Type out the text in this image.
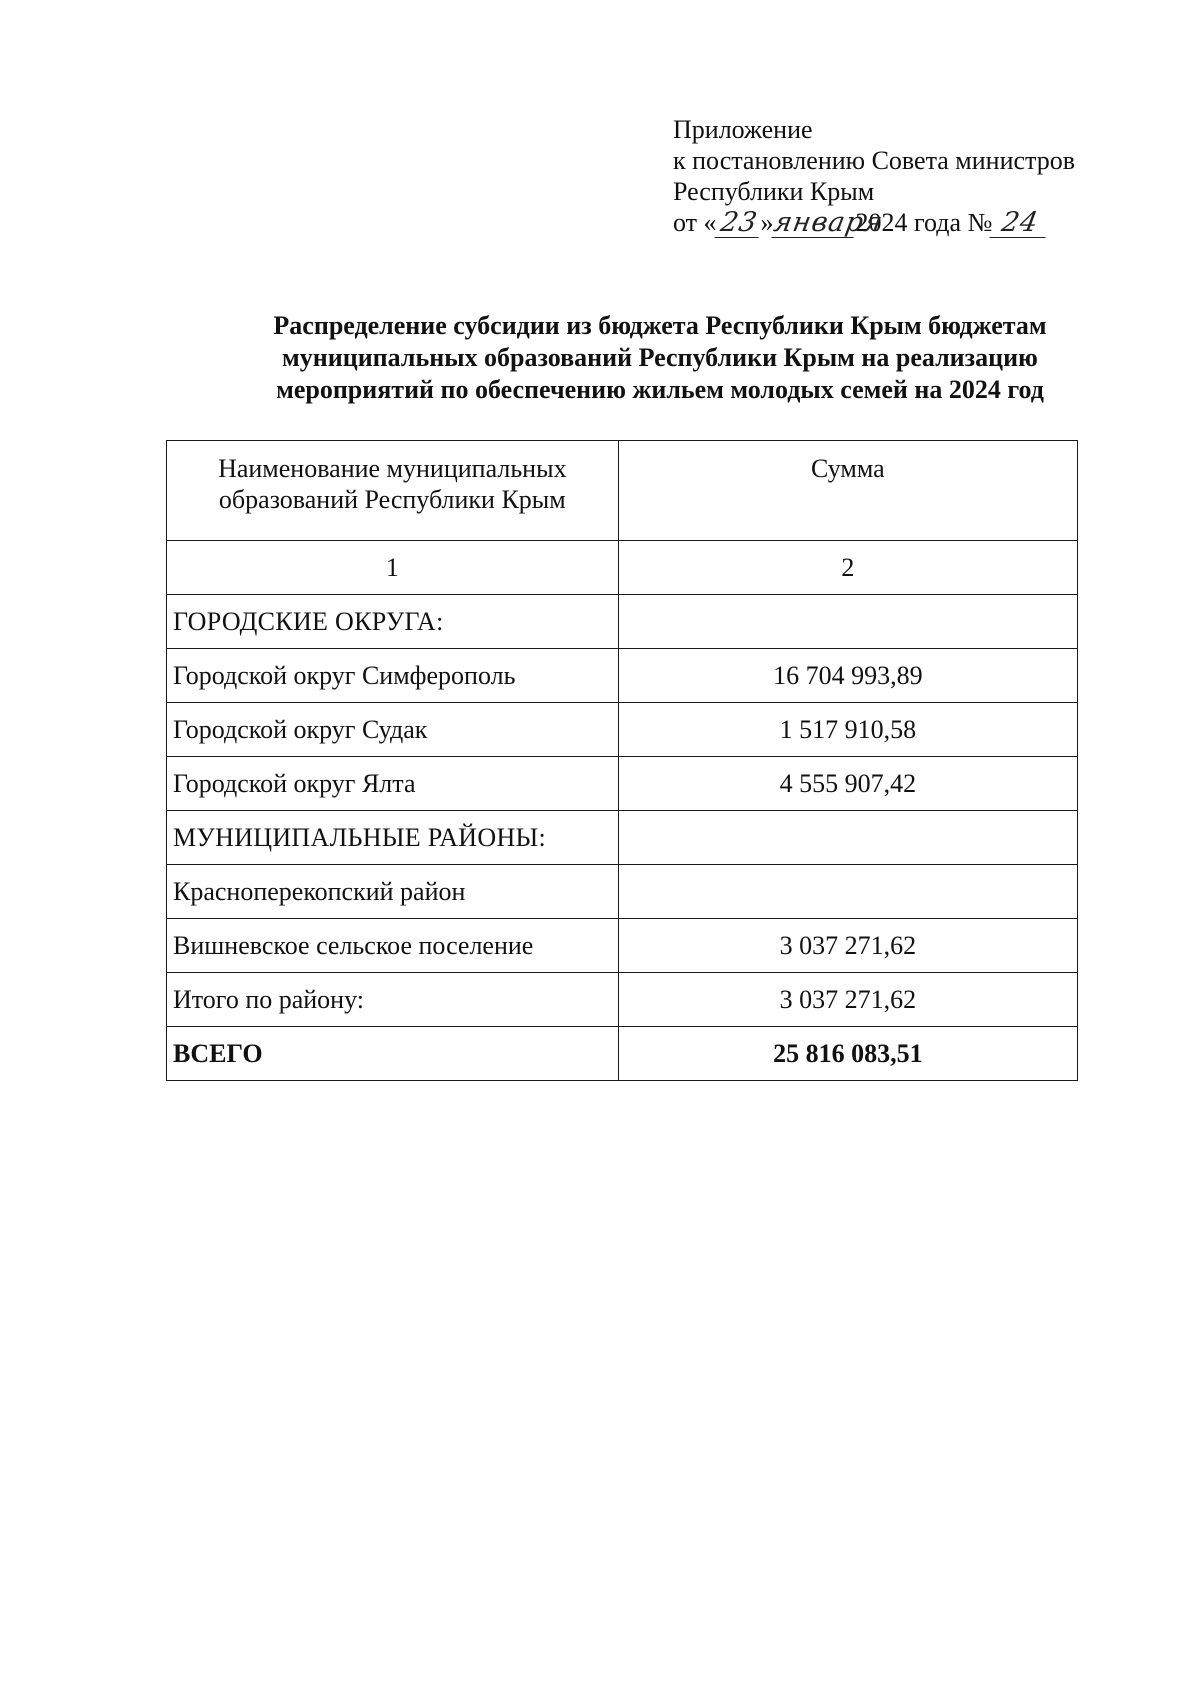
Приложение
к постановлению Совета министров
Республики Крым
от «23»января2024 года № 24
Распределение субсидии из бюджета Республики Крым бюджетам
муниципальных образований Республики Крым на реализацию
мероприятий по обеспечению жильем молодых семей на 2024 год
Наименование муниципальных образований Республики Крым	Сумма
1	2
ГОРОДСКИЕ ОКРУГА:	
Городской округ Симферополь	16 704 993,89
Городской округ Судак	1 517 910,58
Городской округ Ялта	4 555 907,42
МУНИЦИПАЛЬНЫЕ РАЙОНЫ:	
Красноперекопский район	
Вишневское сельское поселение	3 037 271,62
Итого по району:	3 037 271,62
ВСЕГО	25 816 083,51
